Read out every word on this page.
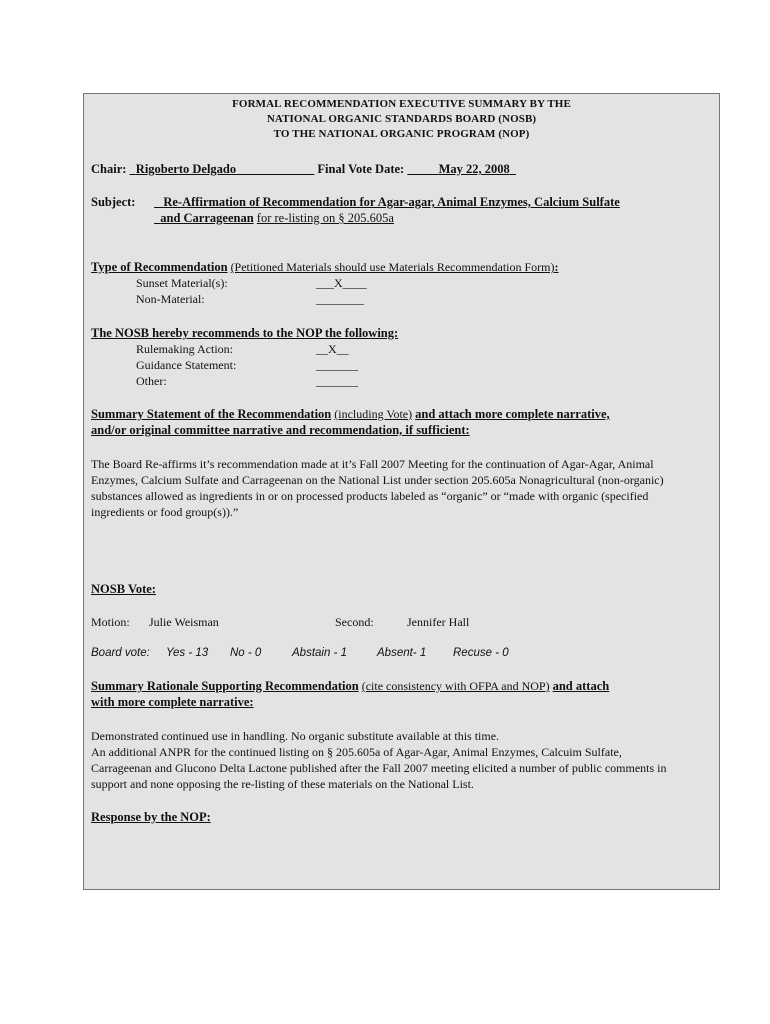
FORMAL RECOMMENDATION EXECUTIVE SUMMARY BY THE
NATIONAL ORGANIC STANDARDS BOARD (NOSB)
TO THE NATIONAL ORGANIC PROGRAM (NOP)
Chair: Rigoberto Delgado_____ _______ Final Vote Date:   ____May 22, 2008
Subject:	Re-Affirmation of Recommendation for Agar-agar, Animal Enzymes, Calcium Sulfate
and Carrageenan for re-listing on § 205.605a
Type of Recommendation (Petitioned Materials should use Materials Recommendation Form):
Sunset Material(s):	___X____
Non-Material:	________
The NOSB hereby recommends to the NOP the following:
Rulemaking Action:	__X__
Guidance Statement:	_______
Other:	_______
Summary Statement of the Recommendation (including Vote) and attach more complete narrative,
and/or original committee narrative and recommendation, if sufficient:
The Board Re-affirms it’s recommendation made at it’s Fall 2007 Meeting for the continuation of Agar-Agar, Animal Enzymes, Calcium Sulfate and Carrageenan on the National List under section 205.605a Nonagricultural (non-organic) substances allowed as ingredients in or on processed products labeled as “organic” or “made with organic (specified ingredients or food group(s)).”
NOSB Vote:
Motion: Julie Weisman	Second:	Jennifer Hall
Board vote: Yes - 13 No - 0	Abstain - 1	Absent- 1 Recuse - 0
Summary Rationale Supporting Recommendation (cite consistency with OFPA and NOP) and attach
with more complete narrative:
Demonstrated continued use in handling. No organic substitute available at this time.
An additional ANPR for the continued listing on § 205.605a of Agar-Agar, Animal Enzymes, Calcuim Sulfate, Carrageenan and Glucono Delta Lactone published after the Fall 2007 meeting elicited a number of public comments in support and none opposing the re-listing of these materials on the National List.
Response by the NOP:
